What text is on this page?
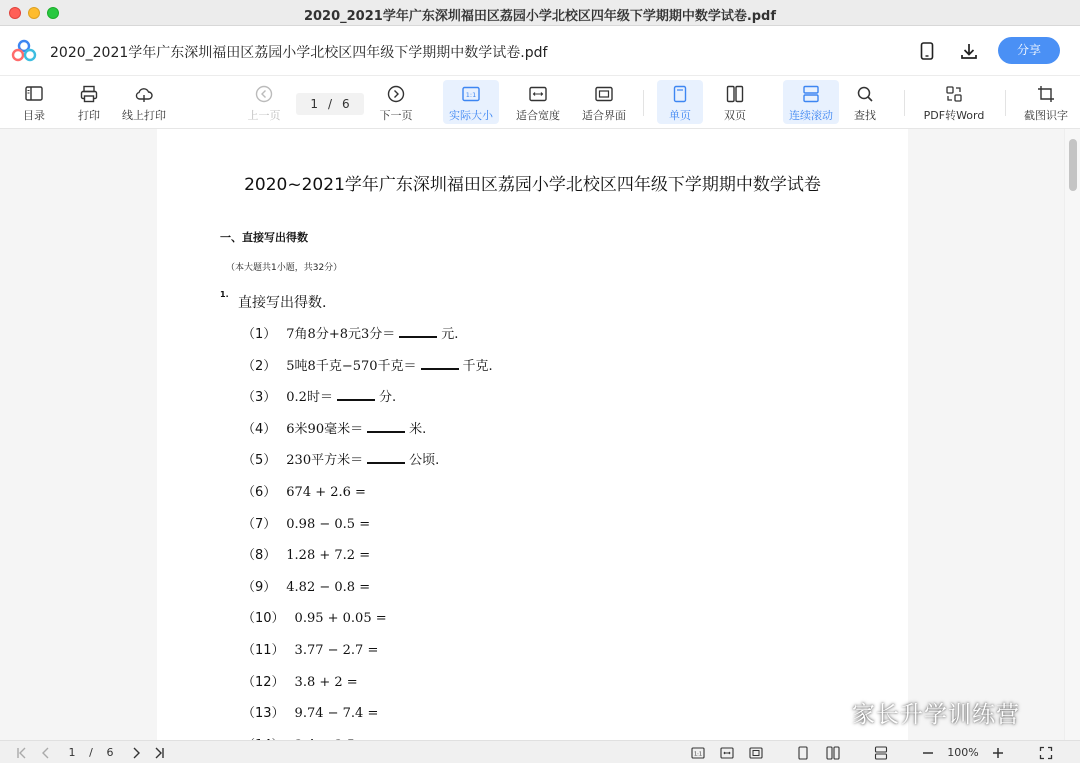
2020_2021学年广东深圳福田区荔园小学北校区四年级下学期期中数学试卷.pdf
2020_2021学年广东深圳福田区荔园小学北校区四年级下学期期中数学试卷.pdf	分享
目录	打印 线上打印	上一页
1 / 6
下一页
1:1
实际大小 适合宽度 适合界面	单页	双页	连续滚动 查找	PDF转Word	截图识字
2020~2021学年广东深圳福田区荔园小学北校区四年级下学期期中数学试卷
一、直接写出得数
（本大题共1小题，共32分）
1.
直接写出得数.
（1） 7角8分+8元3分＝	元.
（2） 5吨8千克−570千克＝	千克.
（3） 0.2时＝	分.
（4） 6米90毫米＝	米.
（5） 230平方米＝	公顷.
（6） 674 + 2.6 =
（7） 0.98 − 0.5 =
（8） 1.28 + 7.2 =
（9） 4.82 − 0.8 =
（10） 0.95 + 0.05 =
（11） 3.77 − 2.7 =
（12） 3.8 + 2 =
（13） 9.74 − 7.4 =	家长升学训练营
1	/	6	1:1	100%
